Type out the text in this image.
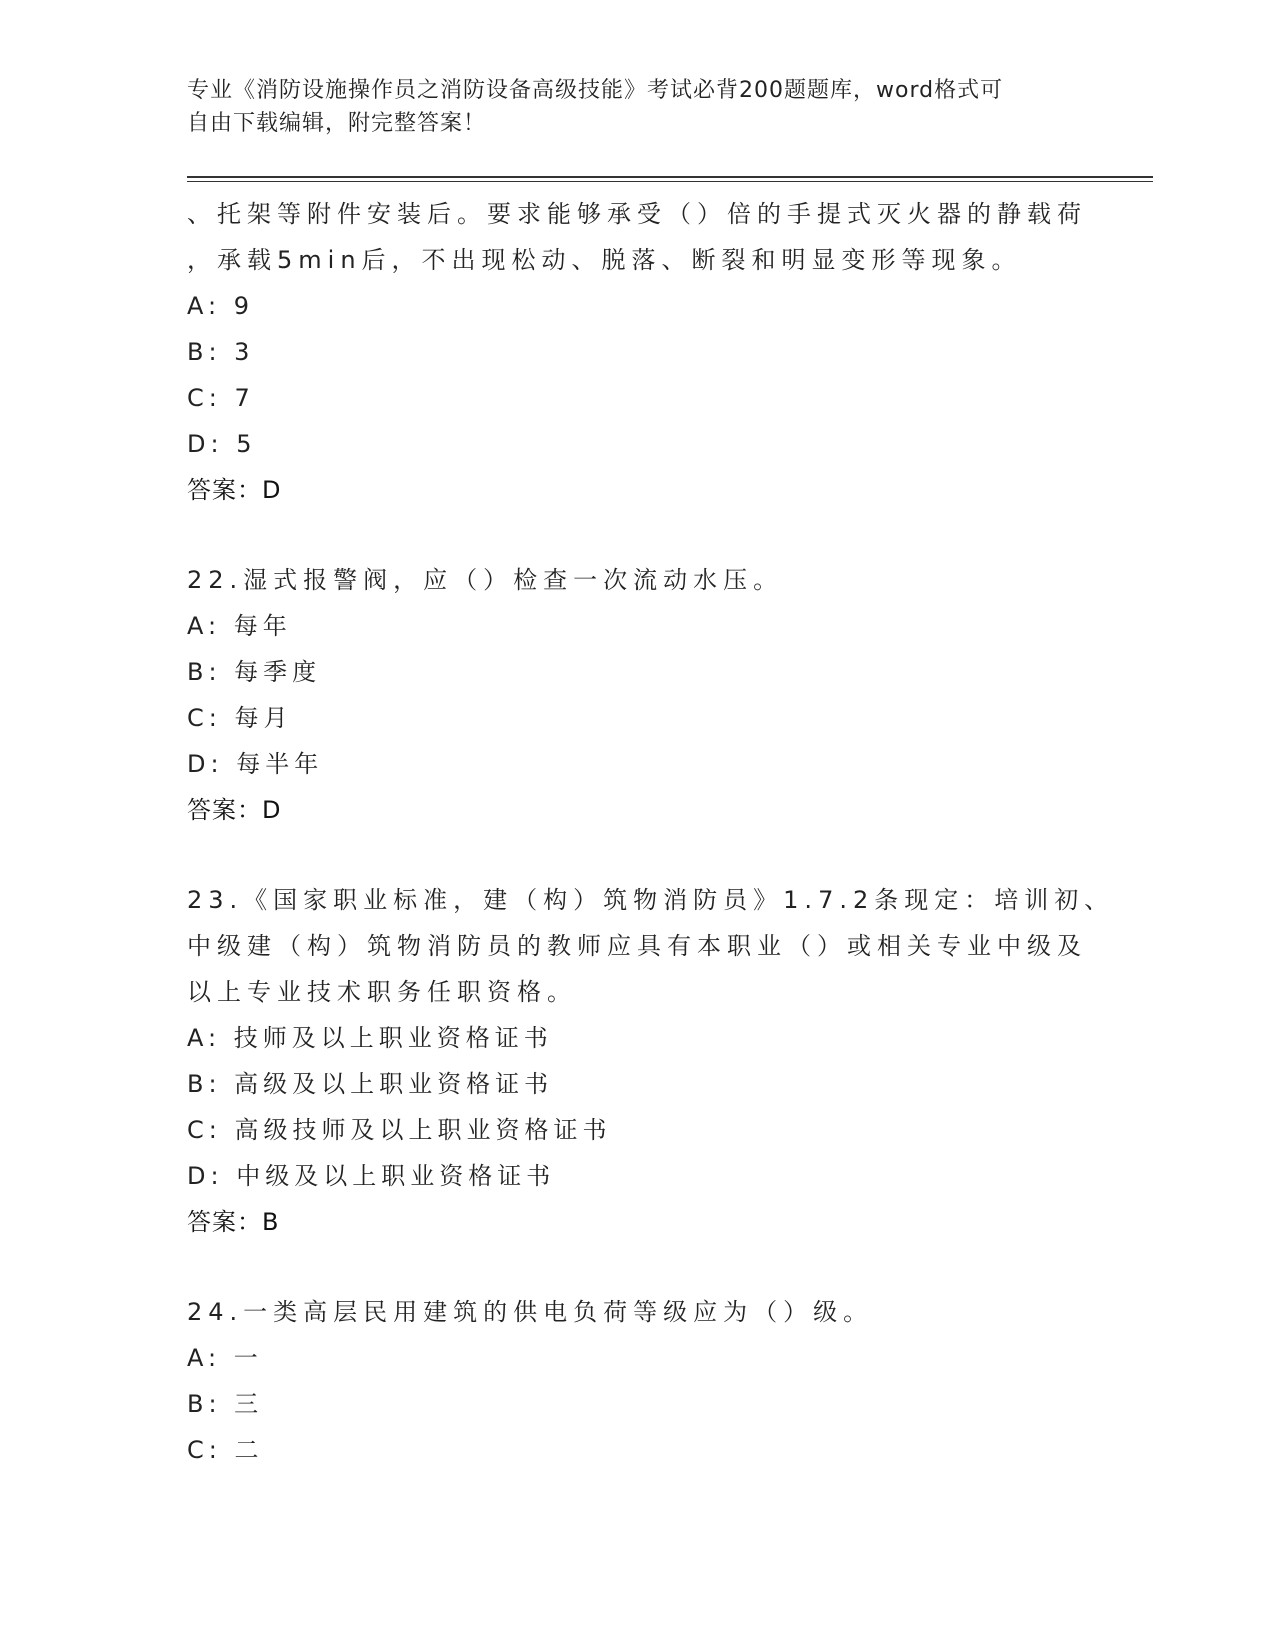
专业《消防设施操作员之消防设备高级技能》考试必背200题题库，word格式可
自由下载编辑，附完整答案！
、托架等附件安装后。要求能够承受（）倍的手提式灭火器的静载荷
，承载5min后，不出现松动、脱落、断裂和明显变形等现象。
A: 9
B: 3
C: 7
D: 5
答案：D
22.湿式报警阀，应（）检查一次流动水压。
A: 每年
B: 每季度
C: 每月
D: 每半年
答案：D
23.《国家职业标准，建（构）筑物消防员》1.7.2条现定：培训初、
中级建（构）筑物消防员的教师应具有本职业（）或相关专业中级及
以上专业技术职务任职资格。
A: 技师及以上职业资格证书
B: 高级及以上职业资格证书
C: 高级技师及以上职业资格证书
D: 中级及以上职业资格证书
答案：B
24.一类高层民用建筑的供电负荷等级应为（）级。
A: 一
B: 三
C: 二
